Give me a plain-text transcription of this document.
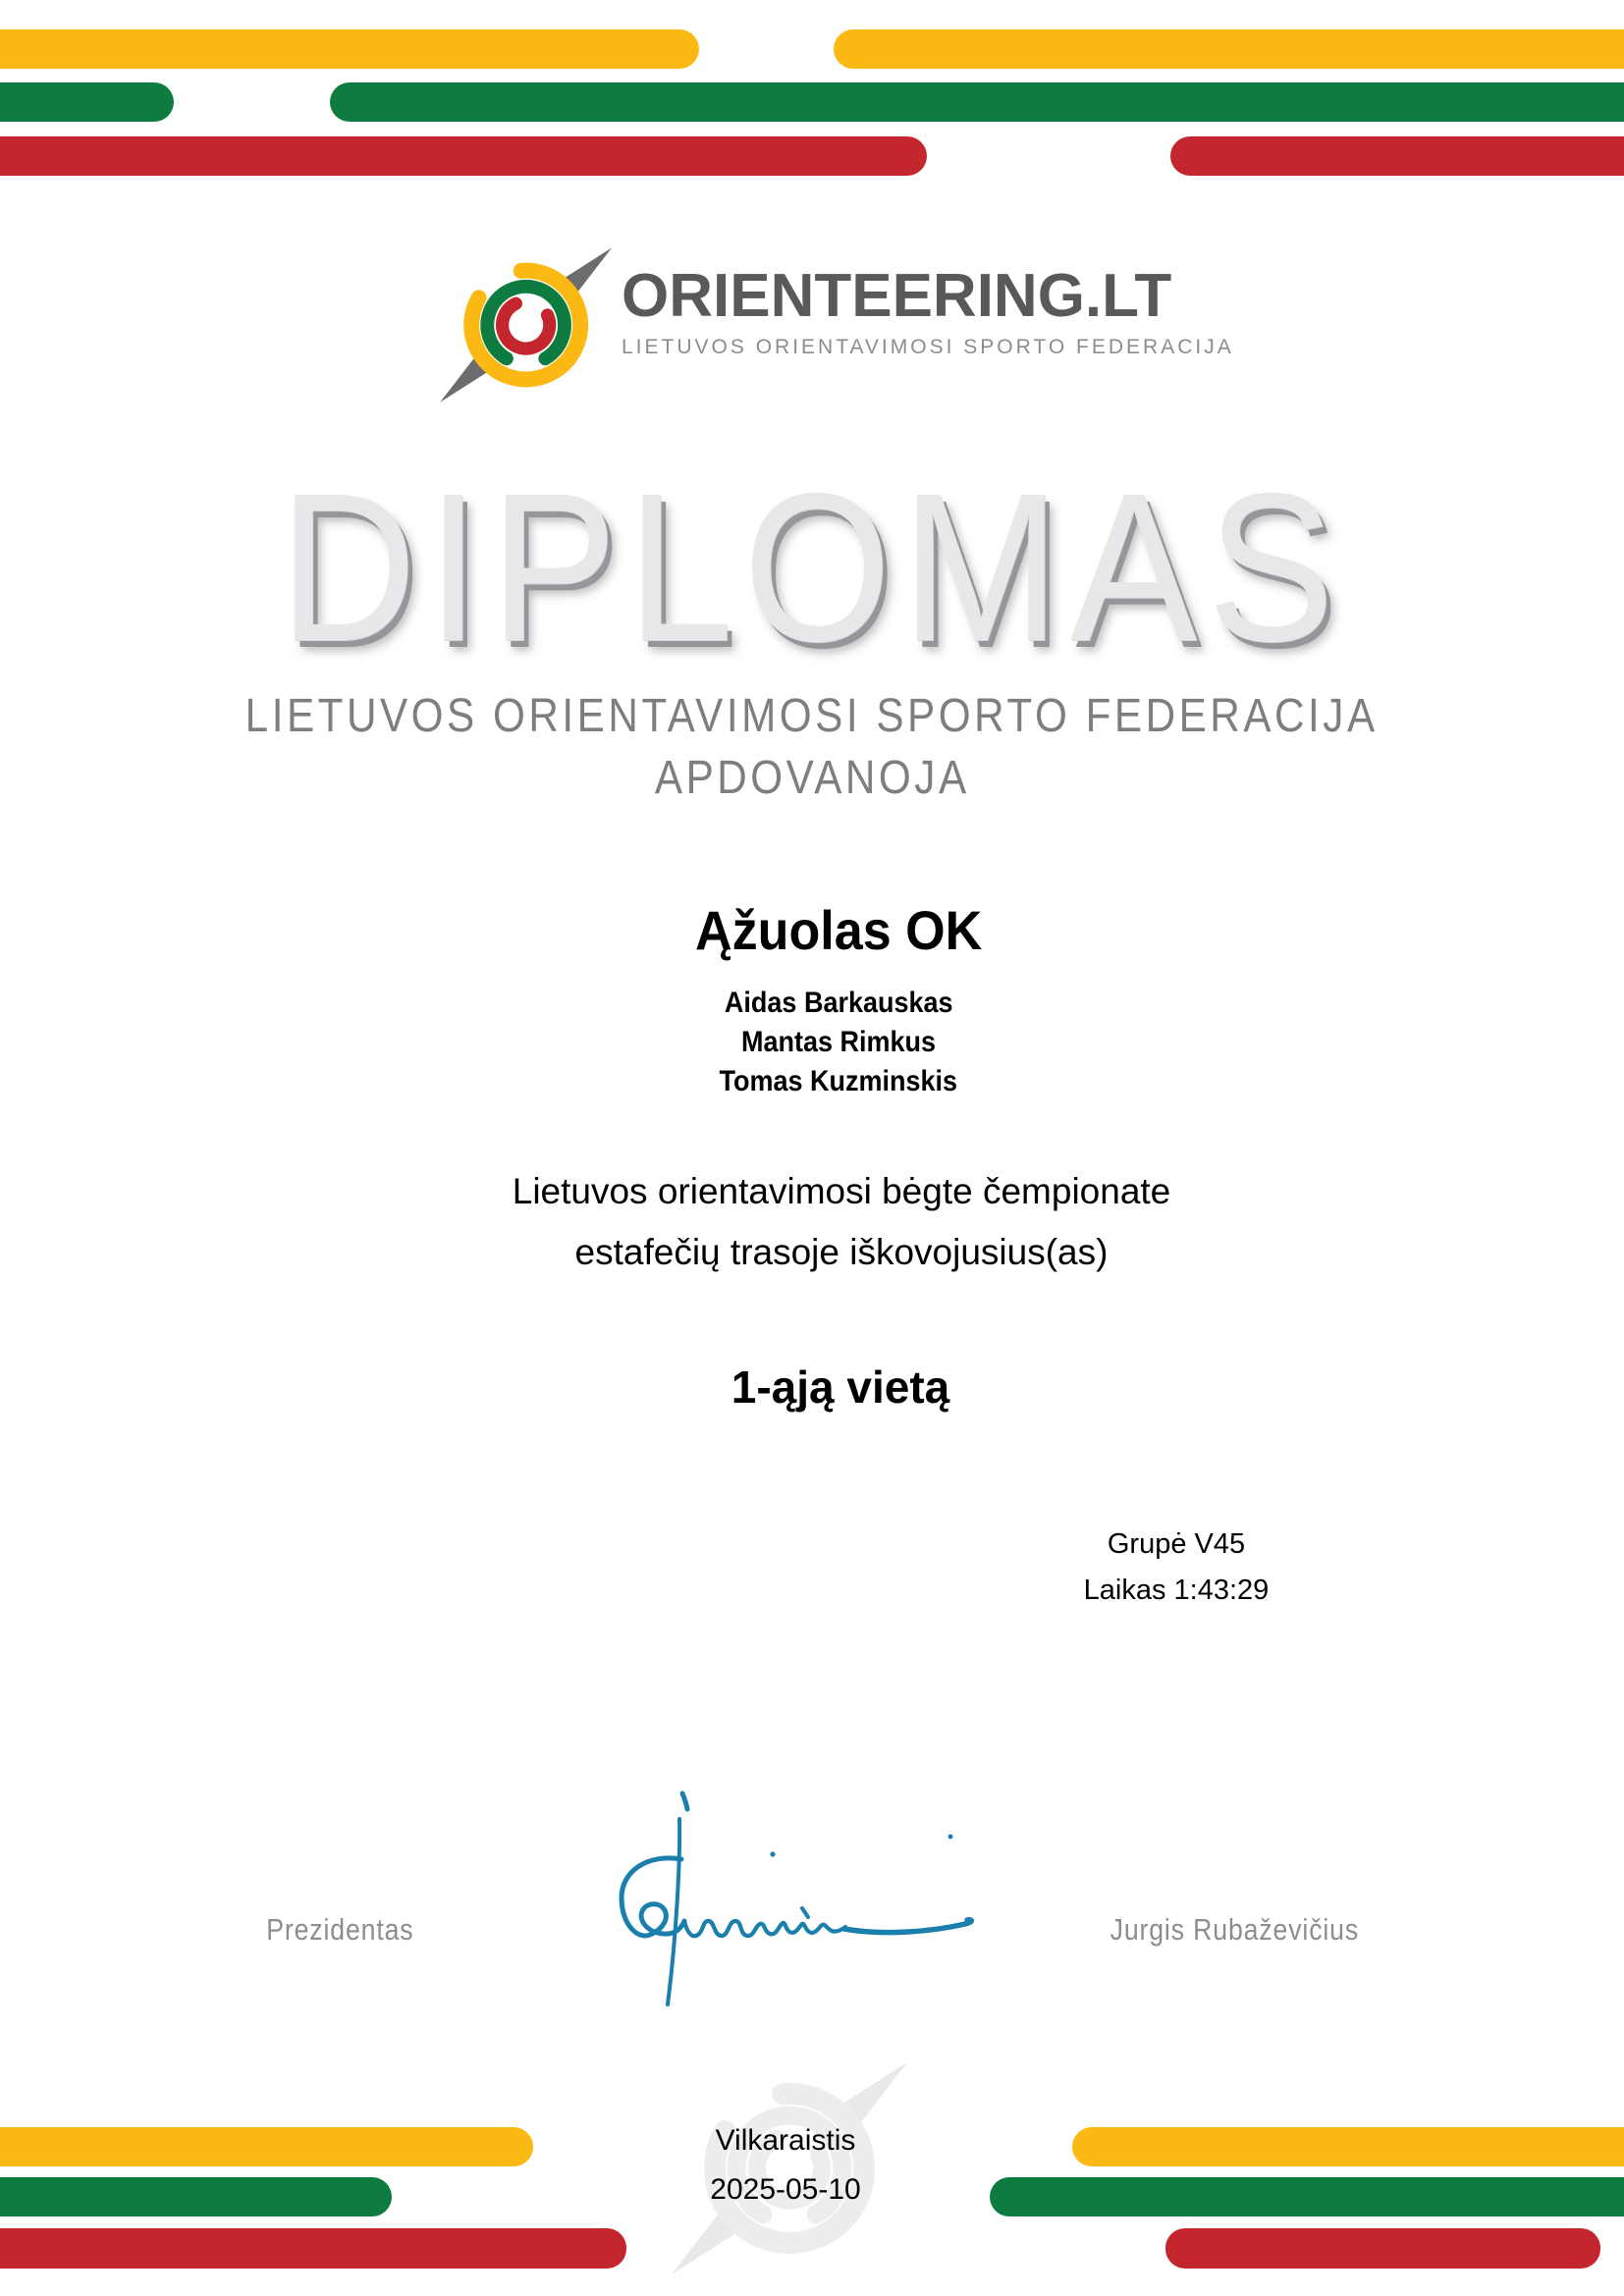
ORIENTEERING.LT
LIETUVOS ORIENTAVIMOSI SPORTO FEDERACIJA
DIPLOMAS
LIETUVOS ORIENTAVIMOSI SPORTO FEDERACIJA
APDOVANOJA
Ąžuolas OK
Aidas Barkauskas
Mantas Rimkus
Tomas Kuzminskis
Lietuvos orientavimosi bėgte čempionate
estafečių trasoje iškovojusius(as)
1-ąją vietą
Grupė V45
Laikas 1:43:29
Prezidentas	Jurgis Rubaževičius
Vilkaraistis
2025-05-10
